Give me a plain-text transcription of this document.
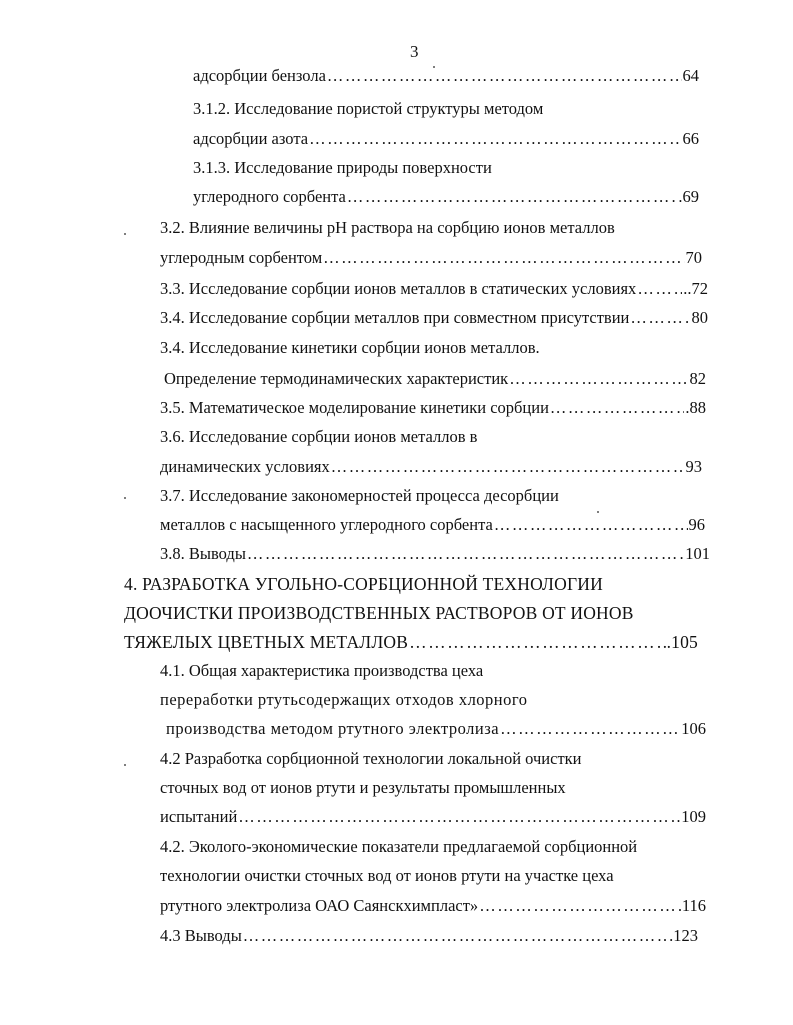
3
адсорбции бензола …………………………………………………………………………………………………………………………	64
3.1.2. Исследование пористой структуры методом
адсорбции азота …………………………………………………………………………………………………………………………	66
3.1.3. Исследование природы поверхности
углеродного сорбента …………………………………………………………………………………………………………………………	.69
3.2. Влияние величины pH раствора на сорбцию ионов металлов
углеродным сорбентом …………………………………………………………………………………………………………………………	70
3.3. Исследование сорбции ионов металлов в статических условиях …………………………………………………………………………………………………………………………	..72
3.4. Исследование сорбции металлов при совместном присутствии …………………………………………………………………………………………………………………………	80
3.4. Исследование кинетики сорбции ионов металлов.
Определение термодинамических характеристик …………………………………………………………………………………………………………………………	82
3.5. Математическое моделирование кинетики сорбции …………………………………………………………………………………………………………………………	.88
3.6. Исследование сорбции ионов металлов в
динамических условиях …………………………………………………………………………………………………………………………	93
3.7. Исследование закономерностей процесса десорбции
металлов с насыщенного углеродного сорбента …………………………………………………………………………………………………………………………	96
3.8. Выводы …………………………………………………………………………………………………………………………	101
4. РАЗРАБОТКА УГОЛЬНО-СОРБЦИОННОЙ ТЕХНОЛОГИИ
ДООЧИСТКИ ПРОИЗВОДСТВЕННЫХ РАСТВОРОВ ОТ ИОНОВ
ТЯЖЕЛЫХ ЦВЕТНЫХ МЕТАЛЛОВ …………………………………………………………………………………………………………………………	.105
4.1. Общая характеристика производства цеха
переработки ртутьсодержащих отходов хлорного
производства методом ртутного электролиза …………………………………………………………………………………………………………………………	106
4.2 Разработка сорбционной технологии локальной очистки
сточных вод от ионов ртути и результаты промышленных
испытаний …………………………………………………………………………………………………………………………	109
4.2. Эколого-экономические показатели предлагаемой сорбционной
технологии очистки сточных вод от ионов ртути на участке цеха
ртутного электролиза ОАО Саянскхимпласт» …………………………………………………………………………………………………………………………	116
4.3 Выводы …………………………………………………………………………………………………………………………	.123
